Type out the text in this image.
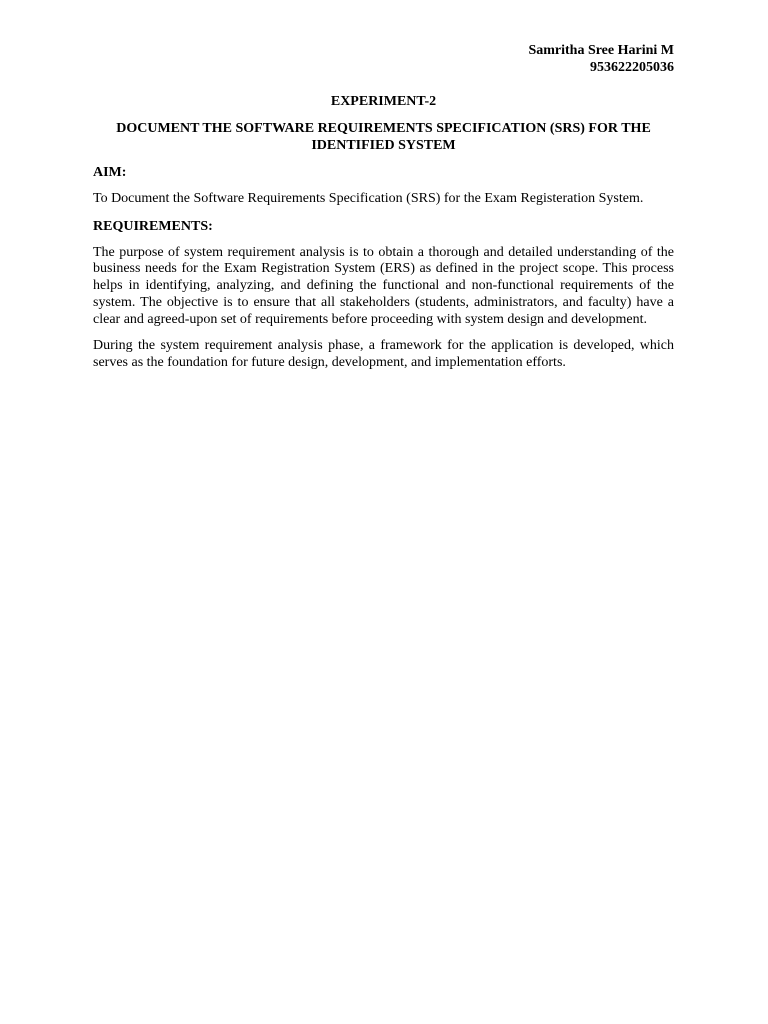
Samritha Sree Harini M
953622205036
EXPERIMENT-2
DOCUMENT THE SOFTWARE REQUIREMENTS SPECIFICATION (SRS) FOR THE IDENTIFIED SYSTEM
AIM:
To Document the Software Requirements Specification (SRS) for the Exam Registeration System.
REQUIREMENTS:
The purpose of system requirement analysis is to obtain a thorough and detailed understanding of the business needs for the Exam Registration System (ERS) as defined in the project scope. This process helps in identifying, analyzing, and defining the functional and non-functional requirements of the system. The objective is to ensure that all stakeholders (students, administrators, and faculty) have a clear and agreed-upon set of requirements before proceeding with system design and development.
During the system requirement analysis phase, a framework for the application is developed, which serves as the foundation for future design, development, and implementation efforts.
